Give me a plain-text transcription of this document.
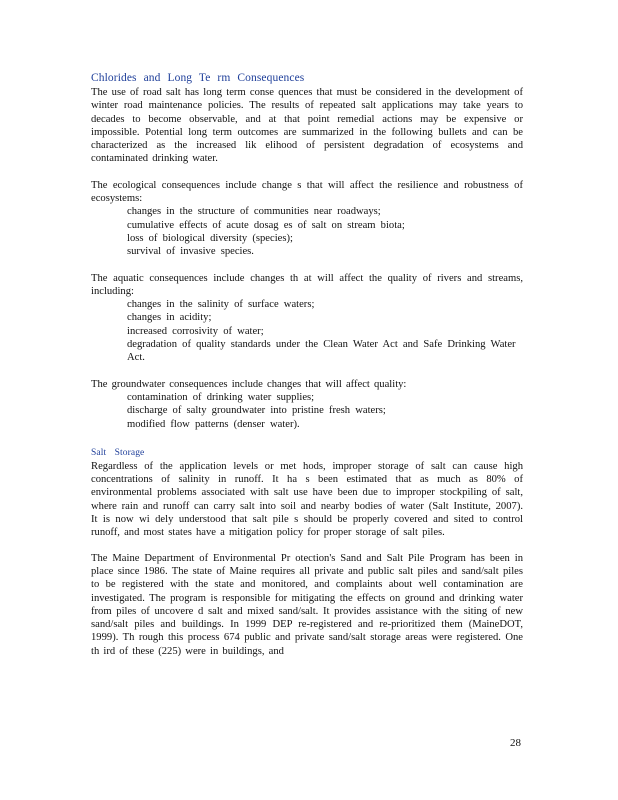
Chlorides and Long Te rm Consequences

The use of road salt has long term conse quences that must be considered in the development of winter road maintenance policies. The results of repeated salt applications may take years to decades to become observable, and at that point remedial actions may be expensive or impossible. Potential long term outcomes are summarized in the following bullets and can be characterized as the increased lik elihood of persistent degradation of ecosystems and contaminated drinking water.

The ecological consequences include change s that will affect the resilience and robustness of ecosystems:

changes in the structure of communities near roadways;
cumulative effects of acute dosag es of salt on stream biota;
loss of biological diversity (species);
survival of invasive species.

The aquatic consequences include changes th at will affect the quality of rivers and streams, including:

changes in the salinity of surface waters;
changes in acidity;
increased corrosivity of water;
degradation of quality standards under the Clean Water Act and Safe Drinking Water Act.

The groundwater consequences include changes that will affect quality:

contamination of drinking water supplies;
discharge of salty groundwater into pristine fresh waters;
modified flow patterns (denser water).
Salt Storage

Regardless of the application levels or met hods, improper storage of salt can cause high concentrations of salinity in runoff. It ha s been estimated that as much as 80% of environmental problems associated with salt use have been due to improper stockpiling of salt, where rain and runoff can carry salt into soil and nearby bodies of water (Salt Institute, 2007). It is now wi dely understood that salt pile s should be properly covered and sited to control runoff, and most states have a mitigation policy for proper storage of salt piles.

The Maine Department of Environmental Pr otection's Sand and Salt Pile Program has been in place since 1986. The state of Maine requires all private and public salt piles and sand/salt piles to be registered with the state and monitored, and complaints about well contamination are investigated. The program is responsible for mitigating the effects on ground and drinking water from piles of uncovere d salt and mixed sand/salt. It provides assistance with the siting of new sand/salt piles and buildings. In 1999 DEP re-registered and re-prioritized them (MaineDOT, 1999). Th rough this process 674 public and private sand/salt storage areas were registered. One th ird of these (225) were in buildings, and

28
